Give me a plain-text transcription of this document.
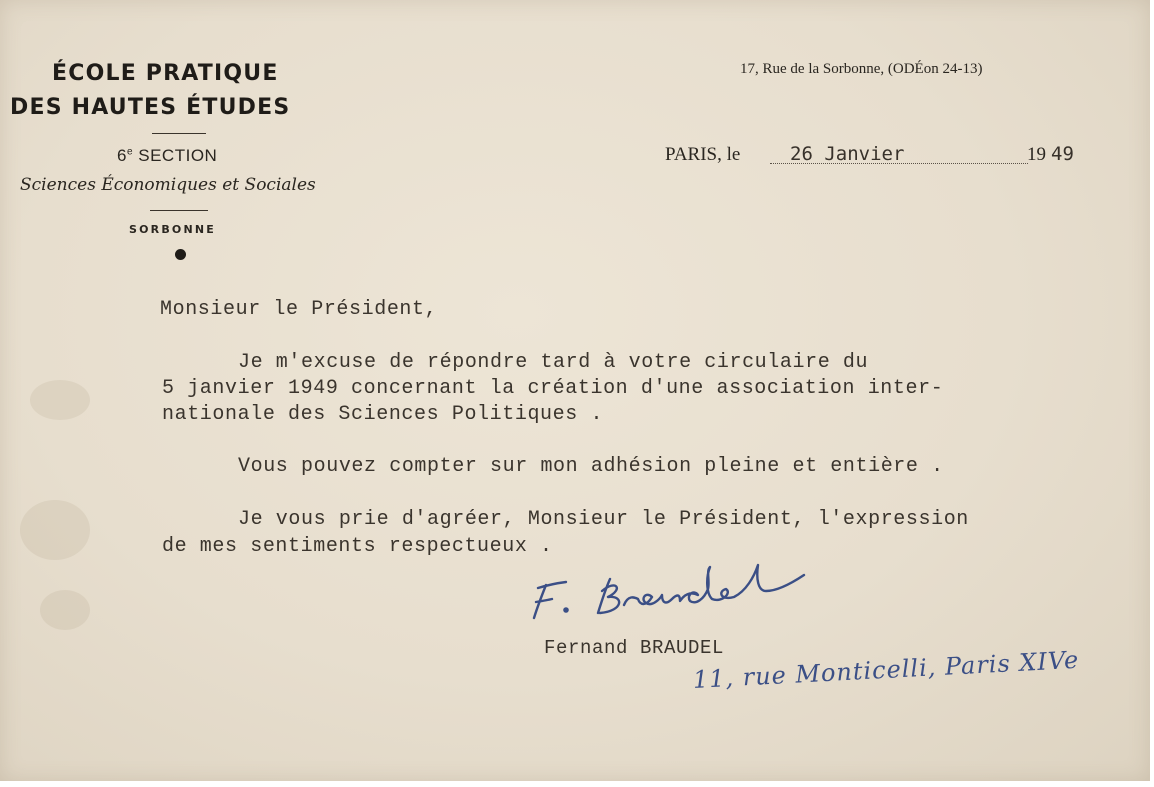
ÉCOLE PRATIQUE
DES HAUTES ÉTUDES
6e SECTION
Sciences Économiques et Sociales
SORBONNE
17, Rue de la Sorbonne, (ODÉon 24-13)
PARIS, le	26 Janvier	19 49
Monsieur le Président,
Je m'excuse de répondre tard à votre circulaire du
5 janvier 1949 concernant la création d'une association inter-
nationale des Sciences Politiques .
Vous pouvez compter sur mon adhésion pleine et entière .
Je vous prie d'agréer, Monsieur le Président, l'expression
de mes sentiments respectueux .
Fernand BRAUDEL
11, rue Monticelli, Paris XIVe
